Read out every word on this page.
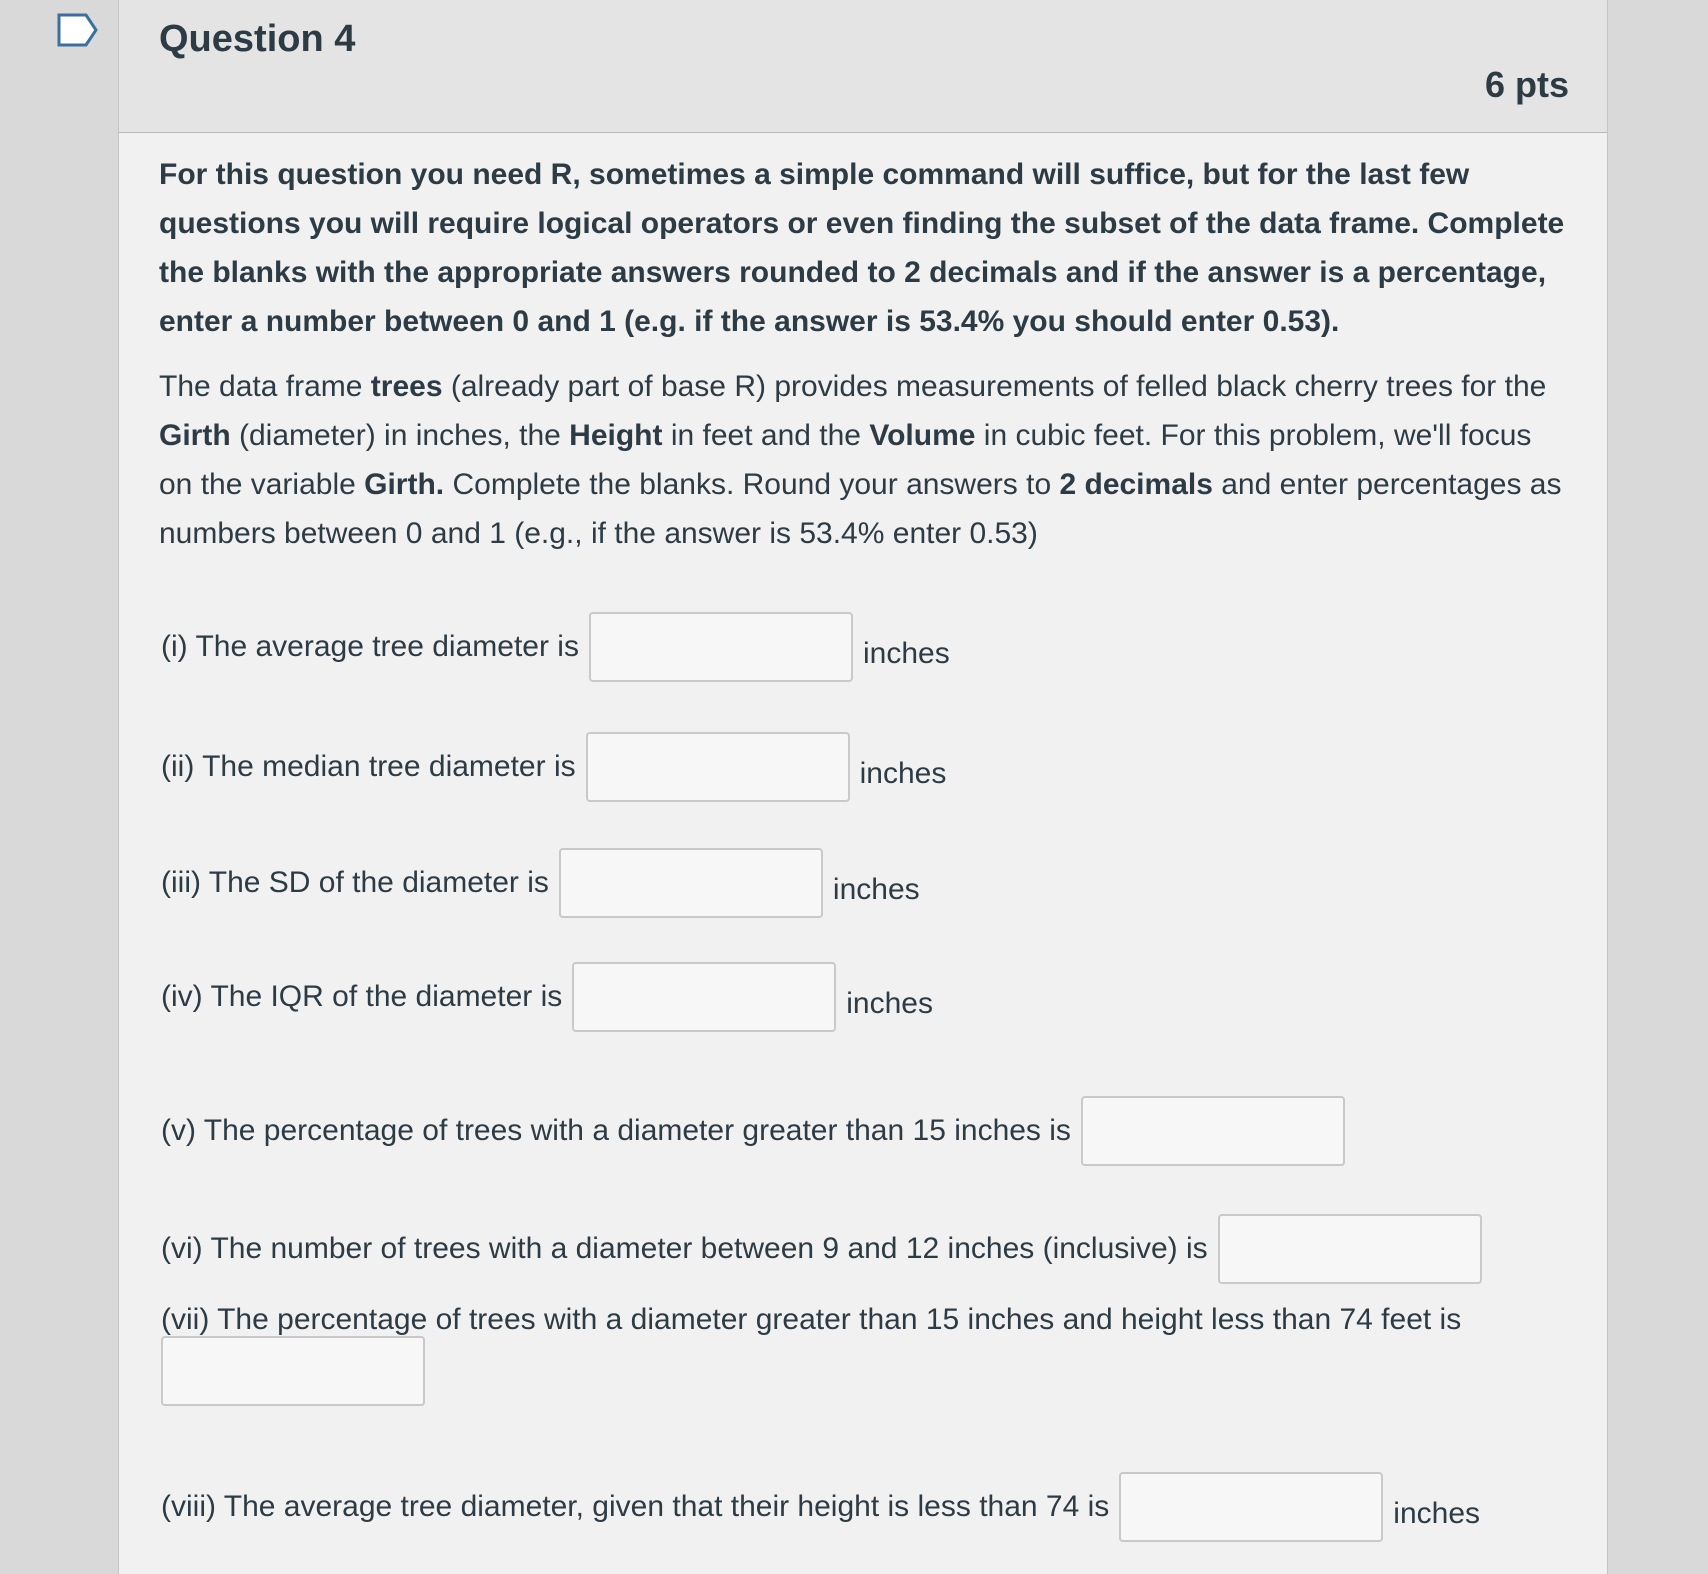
Question 4
6 pts

For this question you need R, sometimes a simple command will suffice, but for the last few questions you will require logical operators or even finding the subset of the data frame. Complete the blanks with the appropriate answers rounded to 2 decimals and if the answer is a percentage, enter a number between 0 and 1 (e.g. if the answer is 53.4% you should enter 0.53).

The data frame trees (already part of base R) provides measurements of felled black cherry trees for the Girth (diameter) in inches, the Height in feet and the Volume in cubic feet. For this problem, we'll focus on the variable Girth. Complete the blanks. Round your answers to 2 decimals and enter percentages as numbers between 0 and 1 (e.g., if the answer is 53.4% enter 0.53)

(i) The average tree diameter is	inches
(ii) The median tree diameter is	inches
(iii) The SD of the diameter is	inches
(iv) The IQR of the diameter is	inches
(v) The percentage of trees with a diameter greater than 15 inches is
(vi) The number of trees with a diameter between 9 and 12 inches (inclusive) is
(vii) The percentage of trees with a diameter greater than 15 inches and height less than 74 feet is
(viii) The average tree diameter, given that their height is less than 74 is	inches
